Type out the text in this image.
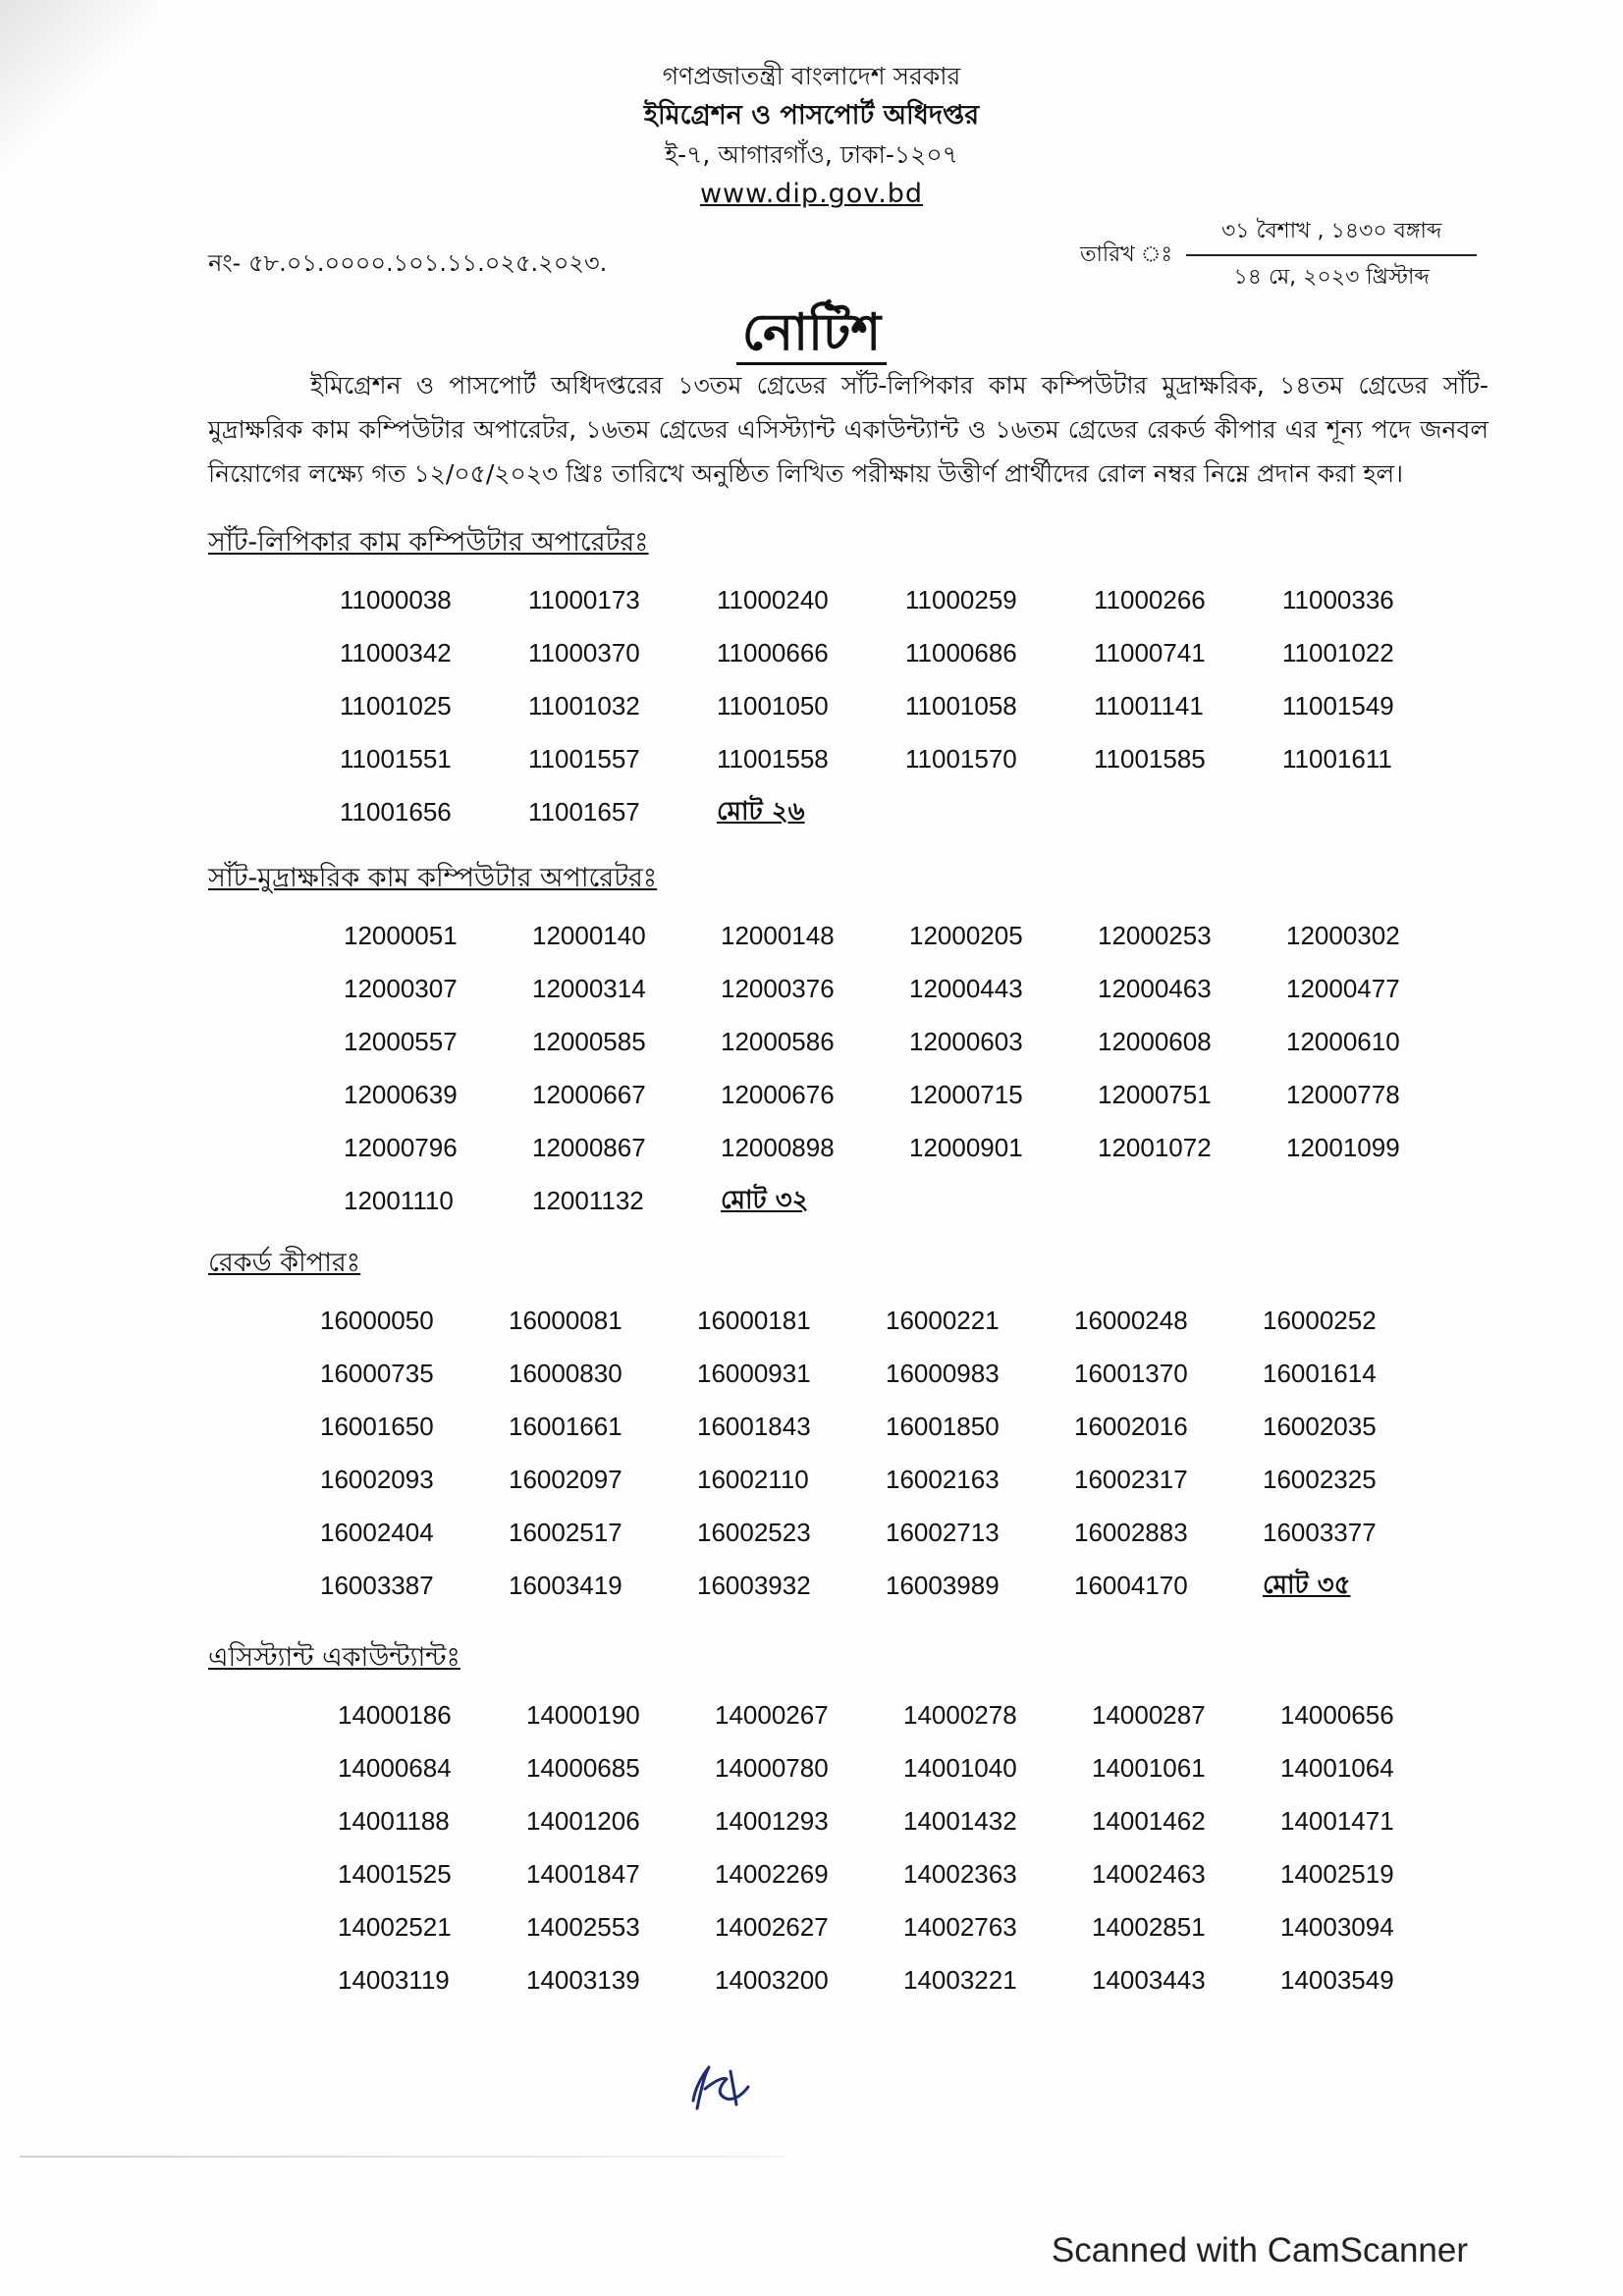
গণপ্রজাতন্ত্রী বাংলাদেশ সরকার
ইমিগ্রেশন ও পাসপোর্ট অধিদপ্তর
ই-৭, আগারগাঁও, ঢাকা-১২০৭
www.dip.gov.bd
নং- ৫৮.০১.০০০০.১০১.১১.০২৫.২০২৩.	তারিখ ঃ $\frac{\text{৩১ বৈশাখ , ১৪৩০ বঙ্গাব্দ}}{\text{১৪ মে, ২০২৩ খ্রিস্টাব্দ}}$
নোটিশ
ইমিগ্রেশন ও পাসপোর্ট অধিদপ্তরের ১৩তম গ্রেডের সাঁট-লিপিকার কাম কম্পিউটার মুদ্রাক্ষরিক, ১৪তম গ্রেডের সাঁট-মুদ্রাক্ষরিক কাম কম্পিউটার অপারেটর, ১৬তম গ্রেডের এসিস্ট্যান্ট একাউন্ট্যান্ট ও ১৬তম গ্রেডের রেকর্ড কীপার এর শূন্য পদে জনবল নিয়োগের লক্ষ্যে গত ১২/০৫/২০২৩ খ্রিঃ তারিখে অনুষ্ঠিত লিখিত পরীক্ষায় উত্তীর্ণ প্রার্থীদের রোল নম্বর নিম্নে প্রদান করা হল।
সাঁট-লিপিকার কাম কম্পিউটার অপারেটরঃ
11000038	11000173	11000240	11000259	11000266	11000336
11000342	11000370	11000666	11000686	11000741	11001022
11001025	11001032	11001050	11001058	11001141	11001549
11001551	11001557	11001558	11001570	11001585	11001611
11001656	11001657	মোট ২৬
সাঁট-মুদ্রাক্ষরিক কাম কম্পিউটার অপারেটরঃ
12000051	12000140	12000148	12000205	12000253	12000302
12000307	12000314	12000376	12000443	12000463	12000477
12000557	12000585	12000586	12000603	12000608	12000610
12000639	12000667	12000676	12000715	12000751	12000778
12000796	12000867	12000898	12000901	12001072	12001099
12001110	12001132	মোট ৩২
রেকর্ড কীপারঃ
16000050	16000081	16000181	16000221	16000248	16000252
16000735	16000830	16000931	16000983	16001370	16001614
16001650	16001661	16001843	16001850	16002016	16002035
16002093	16002097	16002110	16002163	16002317	16002325
16002404	16002517	16002523	16002713	16002883	16003377
16003387	16003419	16003932	16003989	16004170	মোট ৩৫
এসিস্ট্যান্ট একাউন্ট্যান্টঃ
14000186	14000190	14000267	14000278	14000287	14000656
14000684	14000685	14000780	14001040	14001061	14001064
14001188	14001206	14001293	14001432	14001462	14001471
14001525	14001847	14002269	14002363	14002463	14002519
14002521	14002553	14002627	14002763	14002851	14003094
14003119	14003139	14003200	14003221	14003443	14003549
Scanned with CamScanner
